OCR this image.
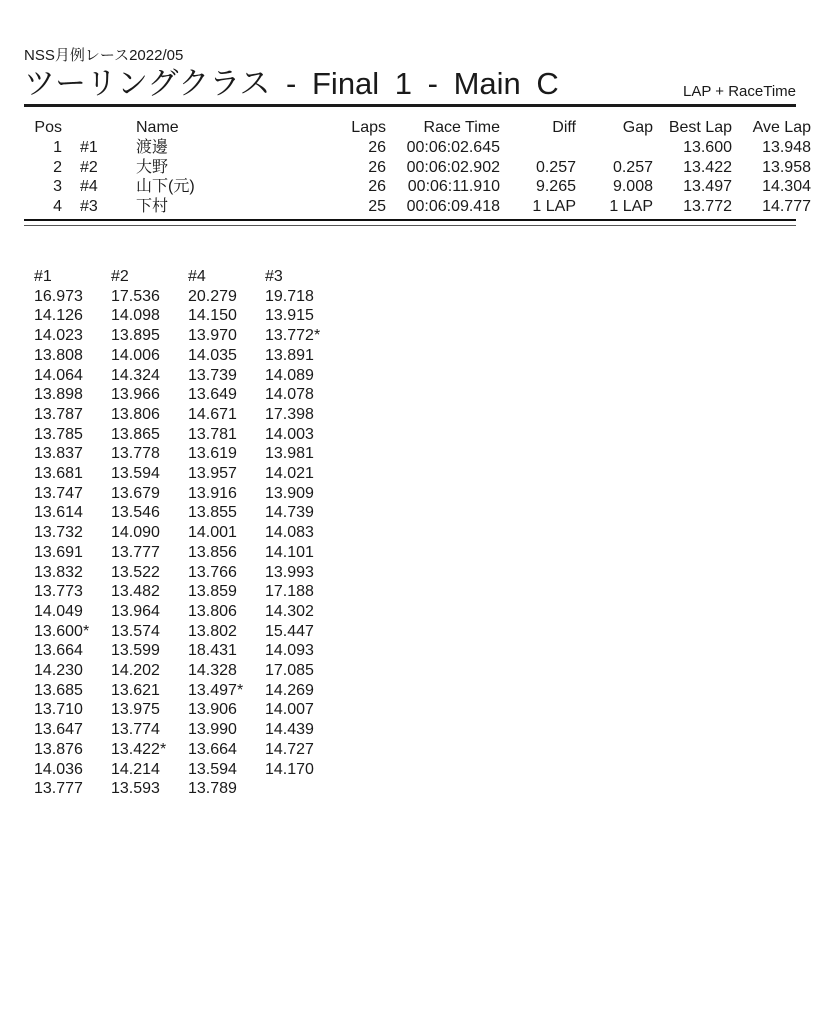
NSS月例レース2022/05
ツーリングクラス - Final 1 - Main C	LAP + RaceTime
Pos		Name	Laps	Race Time	Diff	Gap	Best Lap	Ave Lap
1	#1	渡邊	26	00:06:02.645			13.600	13.948
2	#2	大野	26	00:06:02.902	0.257	0.257	13.422	13.958
3	#4	山下(元)	26	00:06:11.910	9.265	9.008	13.497	14.304
4	#3	下村	25	00:06:09.418	1 LAP	1 LAP	13.772	14.777
#1	#2	#4	#3
16.973	17.536	20.279	19.718
14.126	14.098	14.150	13.915
14.023	13.895	13.970	13.772*
13.808	14.006	14.035	13.891
14.064	14.324	13.739	14.089
13.898	13.966	13.649	14.078
13.787	13.806	14.671	17.398
13.785	13.865	13.781	14.003
13.837	13.778	13.619	13.981
13.681	13.594	13.957	14.021
13.747	13.679	13.916	13.909
13.614	13.546	13.855	14.739
13.732	14.090	14.001	14.083
13.691	13.777	13.856	14.101
13.832	13.522	13.766	13.993
13.773	13.482	13.859	17.188
14.049	13.964	13.806	14.302
13.600*	13.574	13.802	15.447
13.664	13.599	18.431	14.093
14.230	14.202	14.328	17.085
13.685	13.621	13.497*	14.269
13.710	13.975	13.906	14.007
13.647	13.774	13.990	14.439
13.876	13.422*	13.664	14.727
14.036	14.214	13.594	14.170
13.777	13.593	13.789	
